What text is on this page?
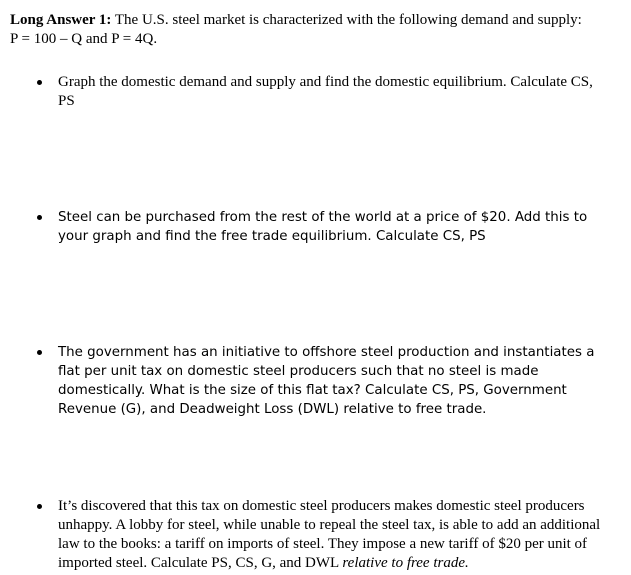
Long Answer 1: The U.S. steel market is characterized with the following demand and supply:
P = 100 – Q and P = 4Q.
Graph the domestic demand and supply and find the domestic equilibrium. Calculate CS, PS
Steel can be purchased from the rest of the world at a price of $20. Add this to your graph and find the free trade equilibrium. Calculate CS, PS
The government has an initiative to offshore steel production and instantiates a flat per unit tax on domestic steel producers such that no steel is made domestically. What is the size of this flat tax? Calculate CS, PS, Government Revenue (G), and Deadweight Loss (DWL) relative to free trade.
It’s discovered that this tax on domestic steel producers makes domestic steel producers unhappy. A lobby for steel, while unable to repeal the steel tax, is able to add an additional law to the books: a tariff on imports of steel. They impose a new tariff of $20 per unit of imported steel. Calculate PS, CS, G, and DWL relative to free trade.
